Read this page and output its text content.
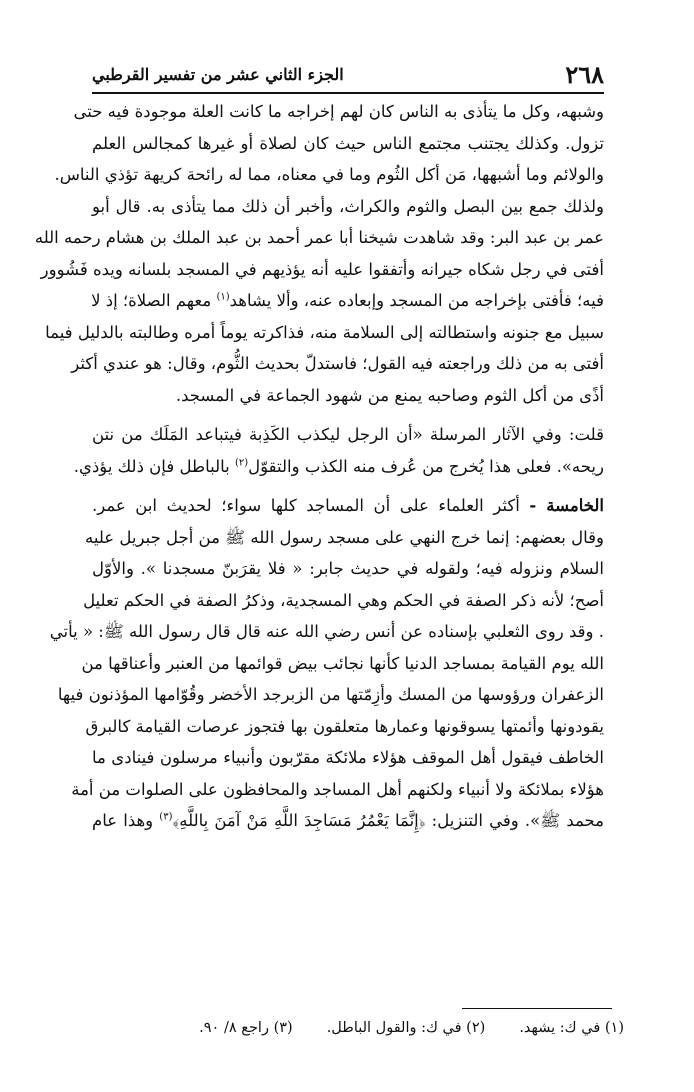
٢٦٨
الجزء الثاني عشر من تفسير القرطبي
وشبهه، وكل ما يتأذى به الناس كان لهم إخراجه ما كانت العلة موجودة فيه حتى
تزول. وكذلك يجتنب مجتمع الناس حيث كان لصلاة أو غيرها كمجالس العلم
والولائم وما أشبهها، مَن أكل الثُوم وما في معناه، مما له رائحة كريهة تؤذي الناس.
ولذلك جمع بين البصل والثوم والكراث، وأخبر أن ذلك مما يتأذى به. قال أبو
عمر بن عبد البر: وقد شاهدت شيخنا أبا عمر أحمد بن عبد الملك بن هشام رحمه الله
أفتى في رجل شكاه جيرانه وأتفقوا عليه أنه يؤذيهم في المسجد بلسانه ويده فَشُوور
فيه؛ فأفتى بإخراجه من المسجد وإبعاده عنه، وألا يشاهد$^{(١)}$ معهم الصلاة؛ إذ لا
سبيل مع جنونه واستطالته إلى السلامة منه، فذاكرته يوماً أمره وطالبته بالدليل فيما
أفتى به من ذلك وراجعته فيه القول؛ فاستدلّ بحديث الثُّوم، وقال: هو عندي أكثر
أذًى من أكل الثوم وصاحبه يمنع من شهود الجماعة في المسجد.
قلت: وفي الآثار المرسلة «أن الرجل ليكذب الكَذِبة فيتباعد المَلَك من نتن
ريحه». فعلى هذا يُخرج من عُرف منه الكذب والتقوّل$^{(٢)}$ بالباطل فإن ذلك يؤذي.
الخامسة - أكثر العلماء على أن المساجد كلها سواء؛ لحديث ابن عمر.
وقال بعضهم: إنما خرج النهي على مسجد رسول الله ﷺ من أجل جبريل عليه
السلام ونزوله فيه؛ ولقوله في حديث جابر: « فلا يقرَبنّ مسجدنا ». والأوّل
أصح؛ لأنه ذكر الصفة في الحكم وهي المسجدية، وذكرُ الصفة في الحكم تعليل
. وقد روى الثعلبي بإسناده عن أنس رضي الله عنه قال قال رسول الله ﷺ: « يأتي
الله يوم القيامة بمساجد الدنيا كأنها نجائب بيض قوائمها من العنبر وأعناقها من
الزعفران ورؤوسها من المسك وأزِمّتها من الزبرجد الأخضر وقُوّامها المؤذنون فيها
يقودونها وأئمتها يسوقونها وعمارها متعلقون بها فتجوز عرصات القيامة كالبرق
الخاطف فيقول أهل الموقف هؤلاء ملائكة مقرّبون وأنبياء مرسلون فينادى ما
هؤلاء بملائكة ولا أنبياء ولكنهم أهل المساجد والمحافظون على الصلوات من أمة
محمد ﷺ». وفي التنزيل: ﴿إِنَّمَا يَعْمُرُ مَسَاجِدَ اللَّهِ مَنْ آمَنَ بِاللَّهِ﴾$^{(٣)}$ وهذا عام
(١) في ك: يشهد.
(٢) في ك: والقول الباطل.
(٣) راجع ٨/ ٩٠.
